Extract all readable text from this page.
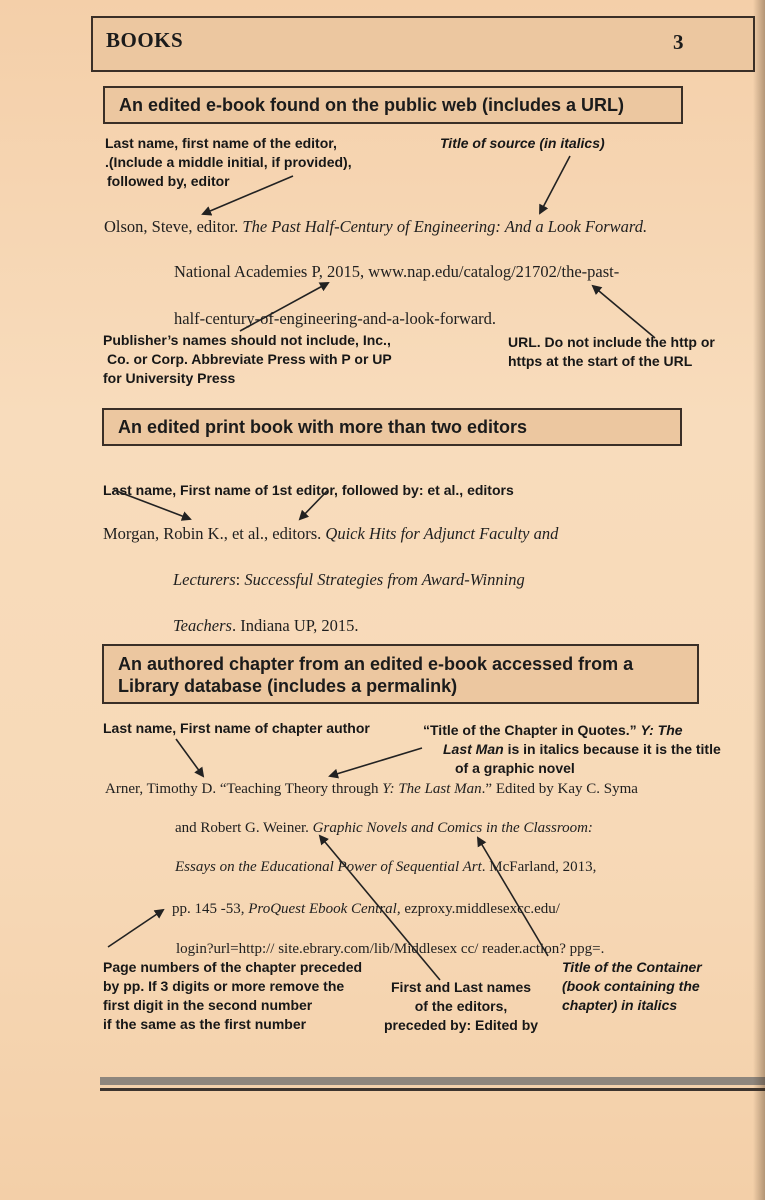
BOOKS	3
An edited e-book found on the public web (includes a URL)
Last name, first name of the editor,
.(Include a middle initial, if provided),
followed by, editor
Title of source (in italics)
Olson, Steve, editor. The Past Half-Century of Engineering: And a Look Forward.
National Academies P, 2015, www.nap.edu/catalog/21702/the-past-
half-century-of-engineering-and-a-look-forward.
Publisher’s names should not include, Inc.,
Co. or Corp. Abbreviate Press with P or UP
for University Press
URL. Do not include the http or
https at the start of the URL
An edited print book with more than two editors
Last name, First name of 1st editor, followed by: et al., editors
Morgan, Robin K., et al., editors. Quick Hits for Adjunct Faculty and
Lecturers: Successful Strategies from Award-Winning
Teachers. Indiana UP, 2015.
An authored chapter from an edited e-book accessed from a
Library database (includes a permalink)
Last name, First name of chapter author	“Title of the Chapter in Quotes.” Y: The
Last Man is in italics because it is the title
of a graphic novel
Arner, Timothy D. “Teaching Theory through Y: The Last Man.” Edited by Kay C. Syma
and Robert G. Weiner. Graphic Novels and Comics in the Classroom:
Essays on the Educational Power of Sequential Art. McFarland, 2013,
pp. 145 -53, ProQuest Ebook Central, ezproxy.middlesexcc.edu/
login?url=http:// site.ebrary.com/lib/Middlesex cc/ reader.action? ppg=.
Page numbers of the chapter preceded
by pp. If 3 digits or more remove the
first digit in the second number
if the same as the first number
First and Last names
of the editors,
preceded by: Edited by
Title of the Container
(book containing the
chapter) in italics
